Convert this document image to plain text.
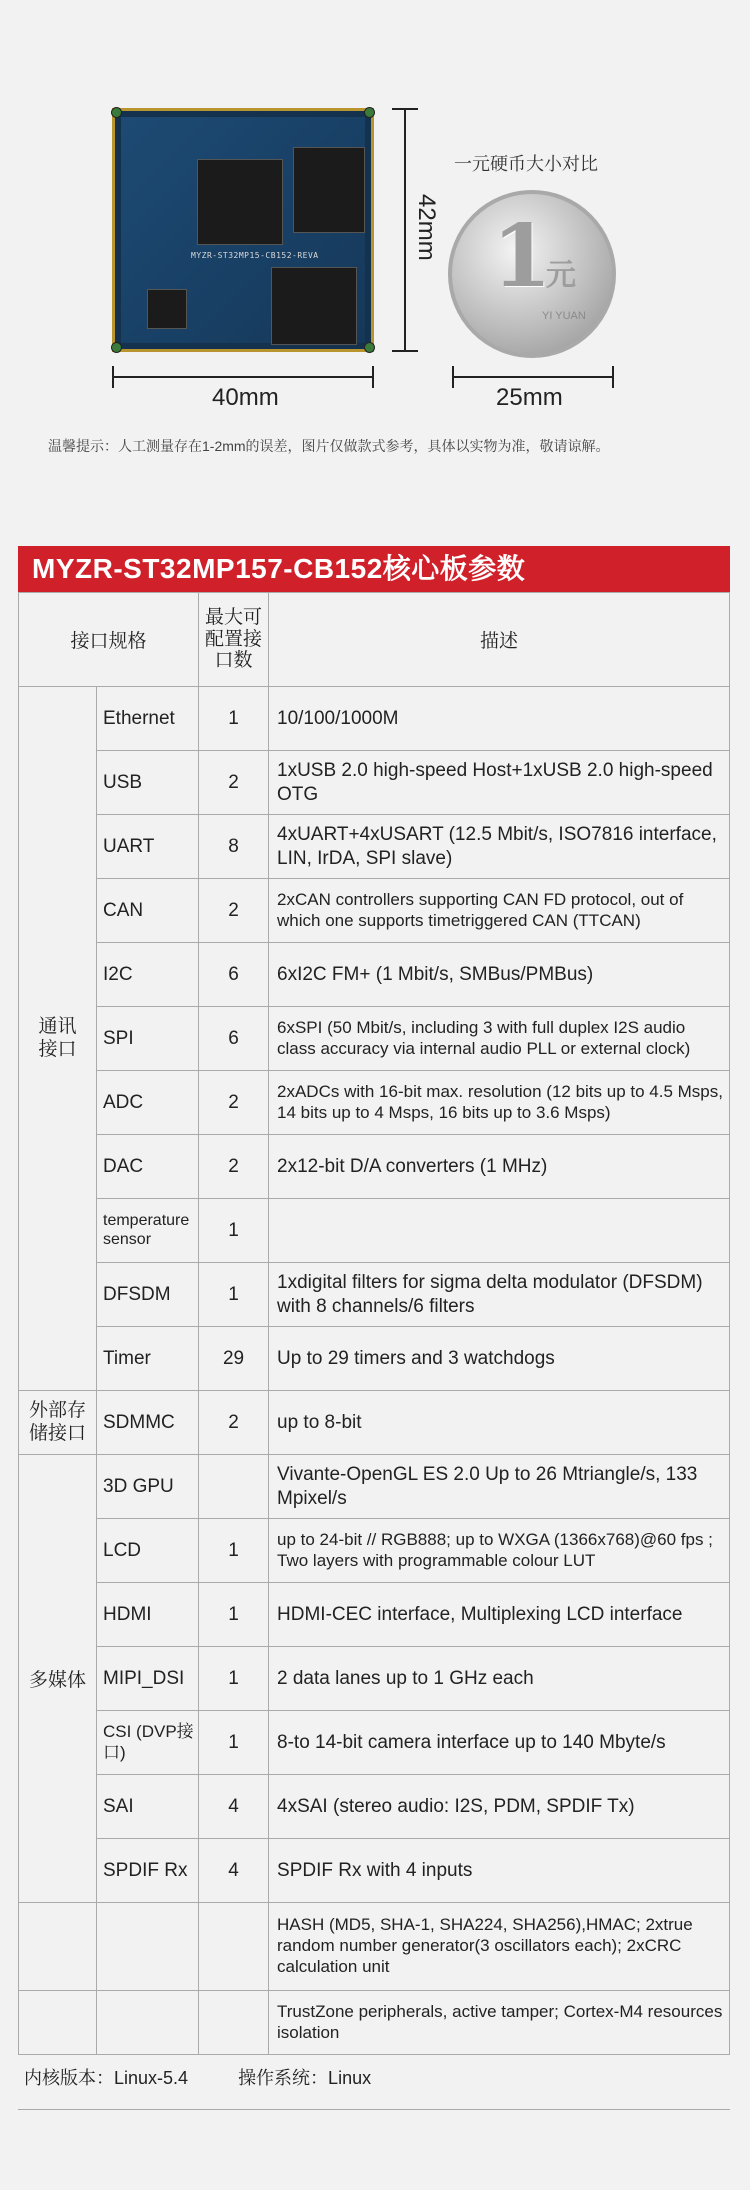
MYZR-ST32MP15-CB152-REVA
40mm
42mm
一元硬币大小对比
1
元
YI YUAN
25mm
温馨提示：人工测量存在1-2mm的误差，图片仅做款式参考，具体以实物为准，敬请谅解。
MYZR-ST32MP157-CB152核心板参数
接口规格		最大可配置接口数	描述

通讯接口	Ethernet	1	10/100/1000M
	USB	2	1xUSB 2.0 high-speed Host+1xUSB 2.0 high-speed OTG
	UART	8	4xUART+4xUSART (12.5 Mbit/s, ISO7816 interface, LIN, IrDA, SPI slave)
	CAN	2	2xCAN controllers supporting CAN FD protocol, out of which one supports timetriggered CAN (TTCAN)
	I2C	6	6xI2C FM+ (1 Mbit/s, SMBus/PMBus)
	SPI	6	6xSPI (50 Mbit/s, including 3 with full duplex I2S audio class accuracy via internal audio PLL or external clock)
	ADC	2	2xADCs with 16-bit max. resolution (12 bits up to 4.5 Msps, 14 bits up to 4 Msps, 16 bits up to 3.6 Msps)
	DAC	2	2x12-bit D/A converters (1 MHz)
	temperature sensor	1	
	DFSDM	1	1xdigital filters for sigma delta modulator (DFSDM) with 8 channels/6 filters
	Timer	29	Up to 29 timers and 3 watchdogs

外部存储接口	SDMMC	2	up to 8-bit
多媒体	3D GPU		Vivante-OpenGL ES 2.0 Up to 26 Mtriangle/s, 133 Mpixel/s
	LCD	1	up to 24-bit // RGB888; up to WXGA (1366x768)@60 fps ; Two layers with programmable colour LUT
	HDMI	1	HDMI-CEC interface, Multiplexing LCD interface
	MIPI_DSI	1	2 data lanes up to 1 GHz each
	CSI (DVP接口)	1	8-to 14-bit camera interface up to 140 Mbyte/s
	SAI	4	4xSAI (stereo audio: I2S, PDM, SPDIF Tx)
	SPDIF Rx	4	SPDIF Rx with 4 inputs
			HASH (MD5, SHA-1, SHA224, SHA256),HMAC; 2xtrue random number generator(3 oscillators each); 2xCRC calculation unit
			TrustZone peripherals, active tamper; Cortex-M4 resources isolation
内核版本：Linux-5.4	操作系统：Linux
